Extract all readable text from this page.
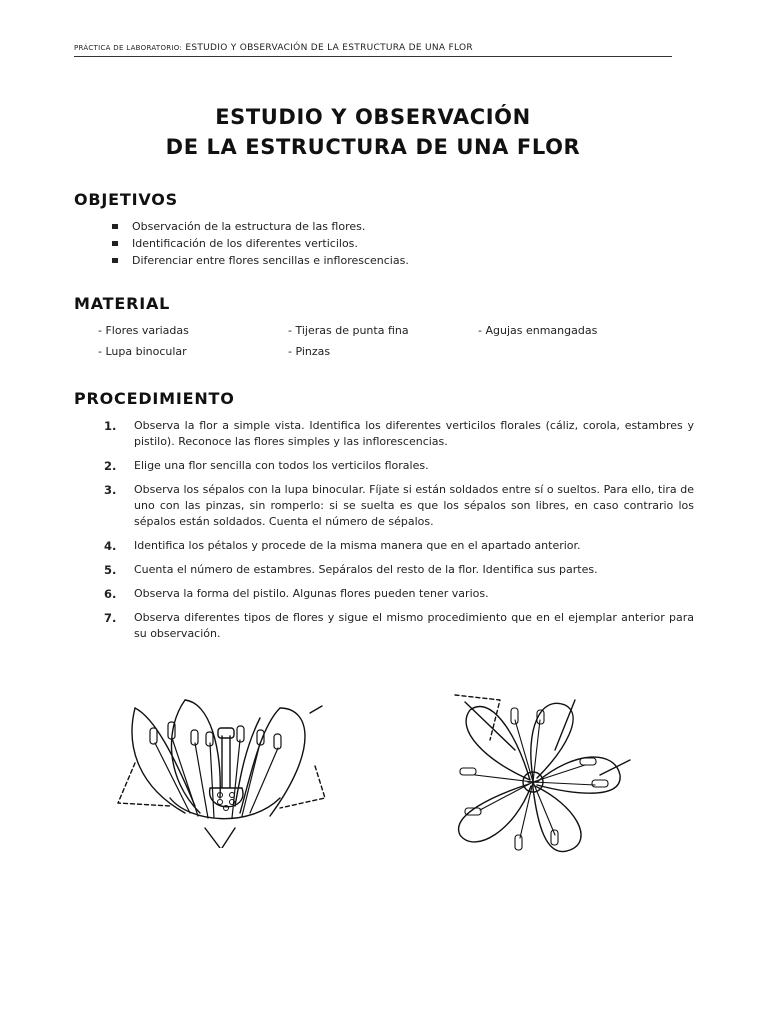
PRÁCTICA DE LABORATORIO: ESTUDIO Y OBSERVACIÓN DE LA ESTRUCTURA DE UNA FLOR
ESTUDIO Y OBSERVACIÓN
DE LA ESTRUCTURA DE UNA FLOR
OBJETIVOS
Observación de la estructura de las flores.
Identificación de los diferentes verticilos.
Diferenciar entre flores sencillas e inflorescencias.
MATERIAL
- Flores variadas	- Tijeras de punta fina	- Agujas enmangadas
- Lupa binocular	- Pinzas
PROCEDIMIENTO
1.	Observa la flor a simple vista. Identifica los diferentes verticilos florales (cáliz, corola, estambres y pistilo). Reconoce las flores simples y las inflorescencias.
2.	Elige una flor sencilla con todos los verticilos florales.
3.	Observa los sépalos con la lupa binocular. Fíjate si están soldados entre sí o sueltos. Para ello, tira de uno con las pinzas, sin romperlo: si se suelta es que los sépalos son libres, en caso contrario los sépalos están soldados. Cuenta el número de sépalos.
4.	Identifica los pétalos y procede de la misma manera que en el apartado anterior.
5.	Cuenta el número de estambres. Sepáralos del resto de la flor. Identifica sus partes.
6.	Observa la forma del pistilo. Algunas flores pueden tener varios.
7.	Observa diferentes tipos de flores y sigue el mismo procedimiento que en el ejemplar anterior para su observación.
